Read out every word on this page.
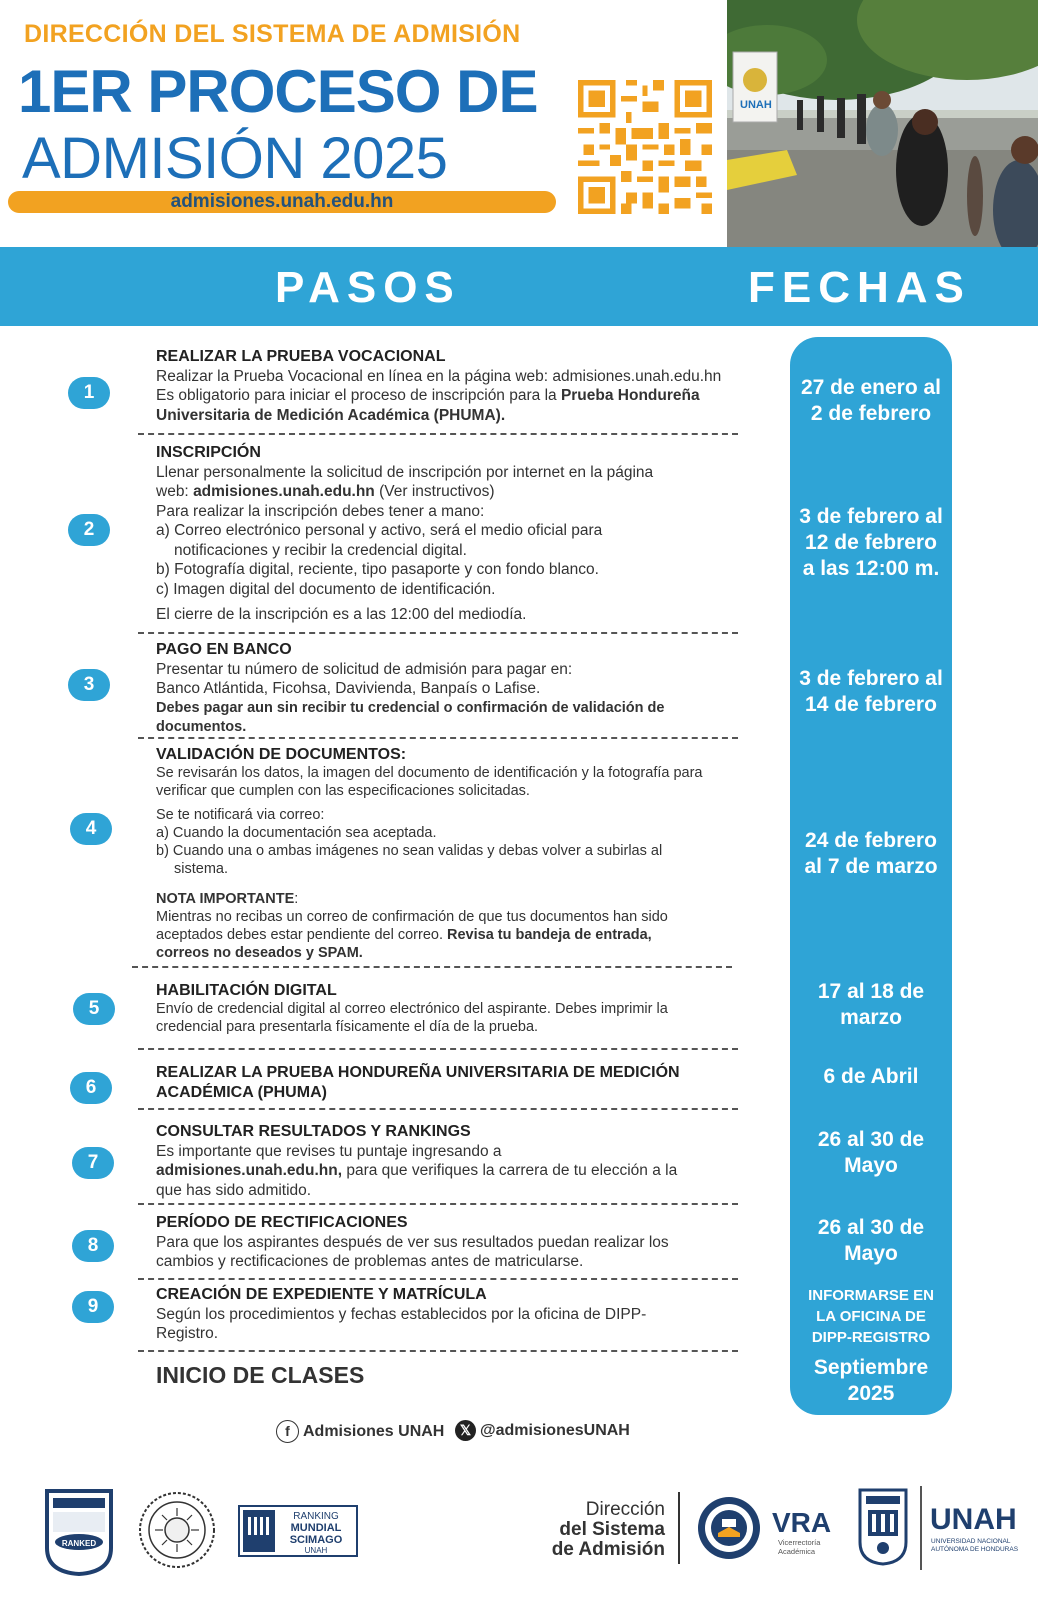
DIRECCIÓN DEL SISTEMA DE ADMISIÓN
1ER PROCESO DE
ADMISIÓN 2025
admisiones.unah.edu.hn
UNAH
PASOS	FECHAS
27 de enero al
2 de febrero
3 de febrero al
12 de febrero
a las 12:00 m.
3 de febrero al
14 de febrero
24 de febrero
al 7 de marzo
17 al 18 de
marzo
6 de Abril
26 al 30 de
Mayo
26 al 30 de
Mayo
INFORMARSE EN
LA OFICINA DE
DIPP-REGISTRO
Septiembre
2025
1
2
3
4
5
6
7
8
9
REALIZAR LA PRUEBA VOCACIONAL
Realizar la Prueba Vocacional en línea en la página web: admisiones.unah.edu.hn
Es obligatorio para iniciar el proceso de inscripción para la Prueba Hondureña Universitaria de Medición Académica (PHUMA).
INSCRIPCIÓN
Llenar personalmente la solicitud de inscripción por internet en la página
web: admisiones.unah.edu.hn (Ver instructivos)
Para realizar la inscripción debes tener a mano:
a) Correo electrónico personal y activo, será el medio oficial para
notificaciones y recibir la credencial digital.
b) Fotografía digital, reciente, tipo pasaporte y con fondo blanco.
c) Imagen digital del documento de identificación.
El cierre de la inscripción es a las 12:00 del mediodía.
PAGO EN BANCO
Presentar tu número de solicitud de admisión para pagar en:
Banco Atlántida, Ficohsa, Davivienda, Banpaís o Lafise.
Debes pagar aun sin recibir tu credencial o confirmación de validación de documentos.
VALIDACIÓN DE DOCUMENTOS:
Se revisarán los datos, la imagen del documento de identificación y la fotografía para verificar que cumplen con las especificaciones solicitadas.
Se te notificará via correo:
a) Cuando la documentación sea aceptada.
b) Cuando una o ambas imágenes no sean validas y debas volver a subirlas al
sistema.
NOTA IMPORTANTE:
Mientras no recibas un correo de confirmación de que tus documentos han sido aceptados debes estar pendiente del correo. Revisa tu bandeja de entrada, correos no deseados y SPAM.
HABILITACIÓN DIGITAL
Envío de credencial digital al correo electrónico del aspirante. Debes imprimir la credencial para presentarla físicamente el día de la prueba.
REALIZAR LA PRUEBA HONDUREÑA UNIVERSITARIA DE MEDICIÓN ACADÉMICA (PHUMA)
CONSULTAR RESULTADOS Y RANKINGS
Es importante que revises tu puntaje ingresando a
admisiones.unah.edu.hn, para que verifiques la carrera de tu elección a la que has sido admitido.
PERÍODO DE RECTIFICACIONES
Para que los aspirantes después de ver sus resultados puedan realizar los cambios y rectificaciones de problemas antes de matricularse.
CREACIÓN DE EXPEDIENTE Y MATRÍCULA
Según los procedimientos y fechas establecidos por la oficina de DIPP-Registro.
INICIO DE CLASES
f Admisiones UNAH	𝕏 @admisionesUNAH
RANKED
RANKING
MUNDIAL
SCIMAGO
UNAH
Dirección
del Sistema
de Admisión
VRA
Vicerrectoría
Académica
UNAH
UNIVERSIDAD NACIONAL
AUTÓNOMA DE HONDURAS
